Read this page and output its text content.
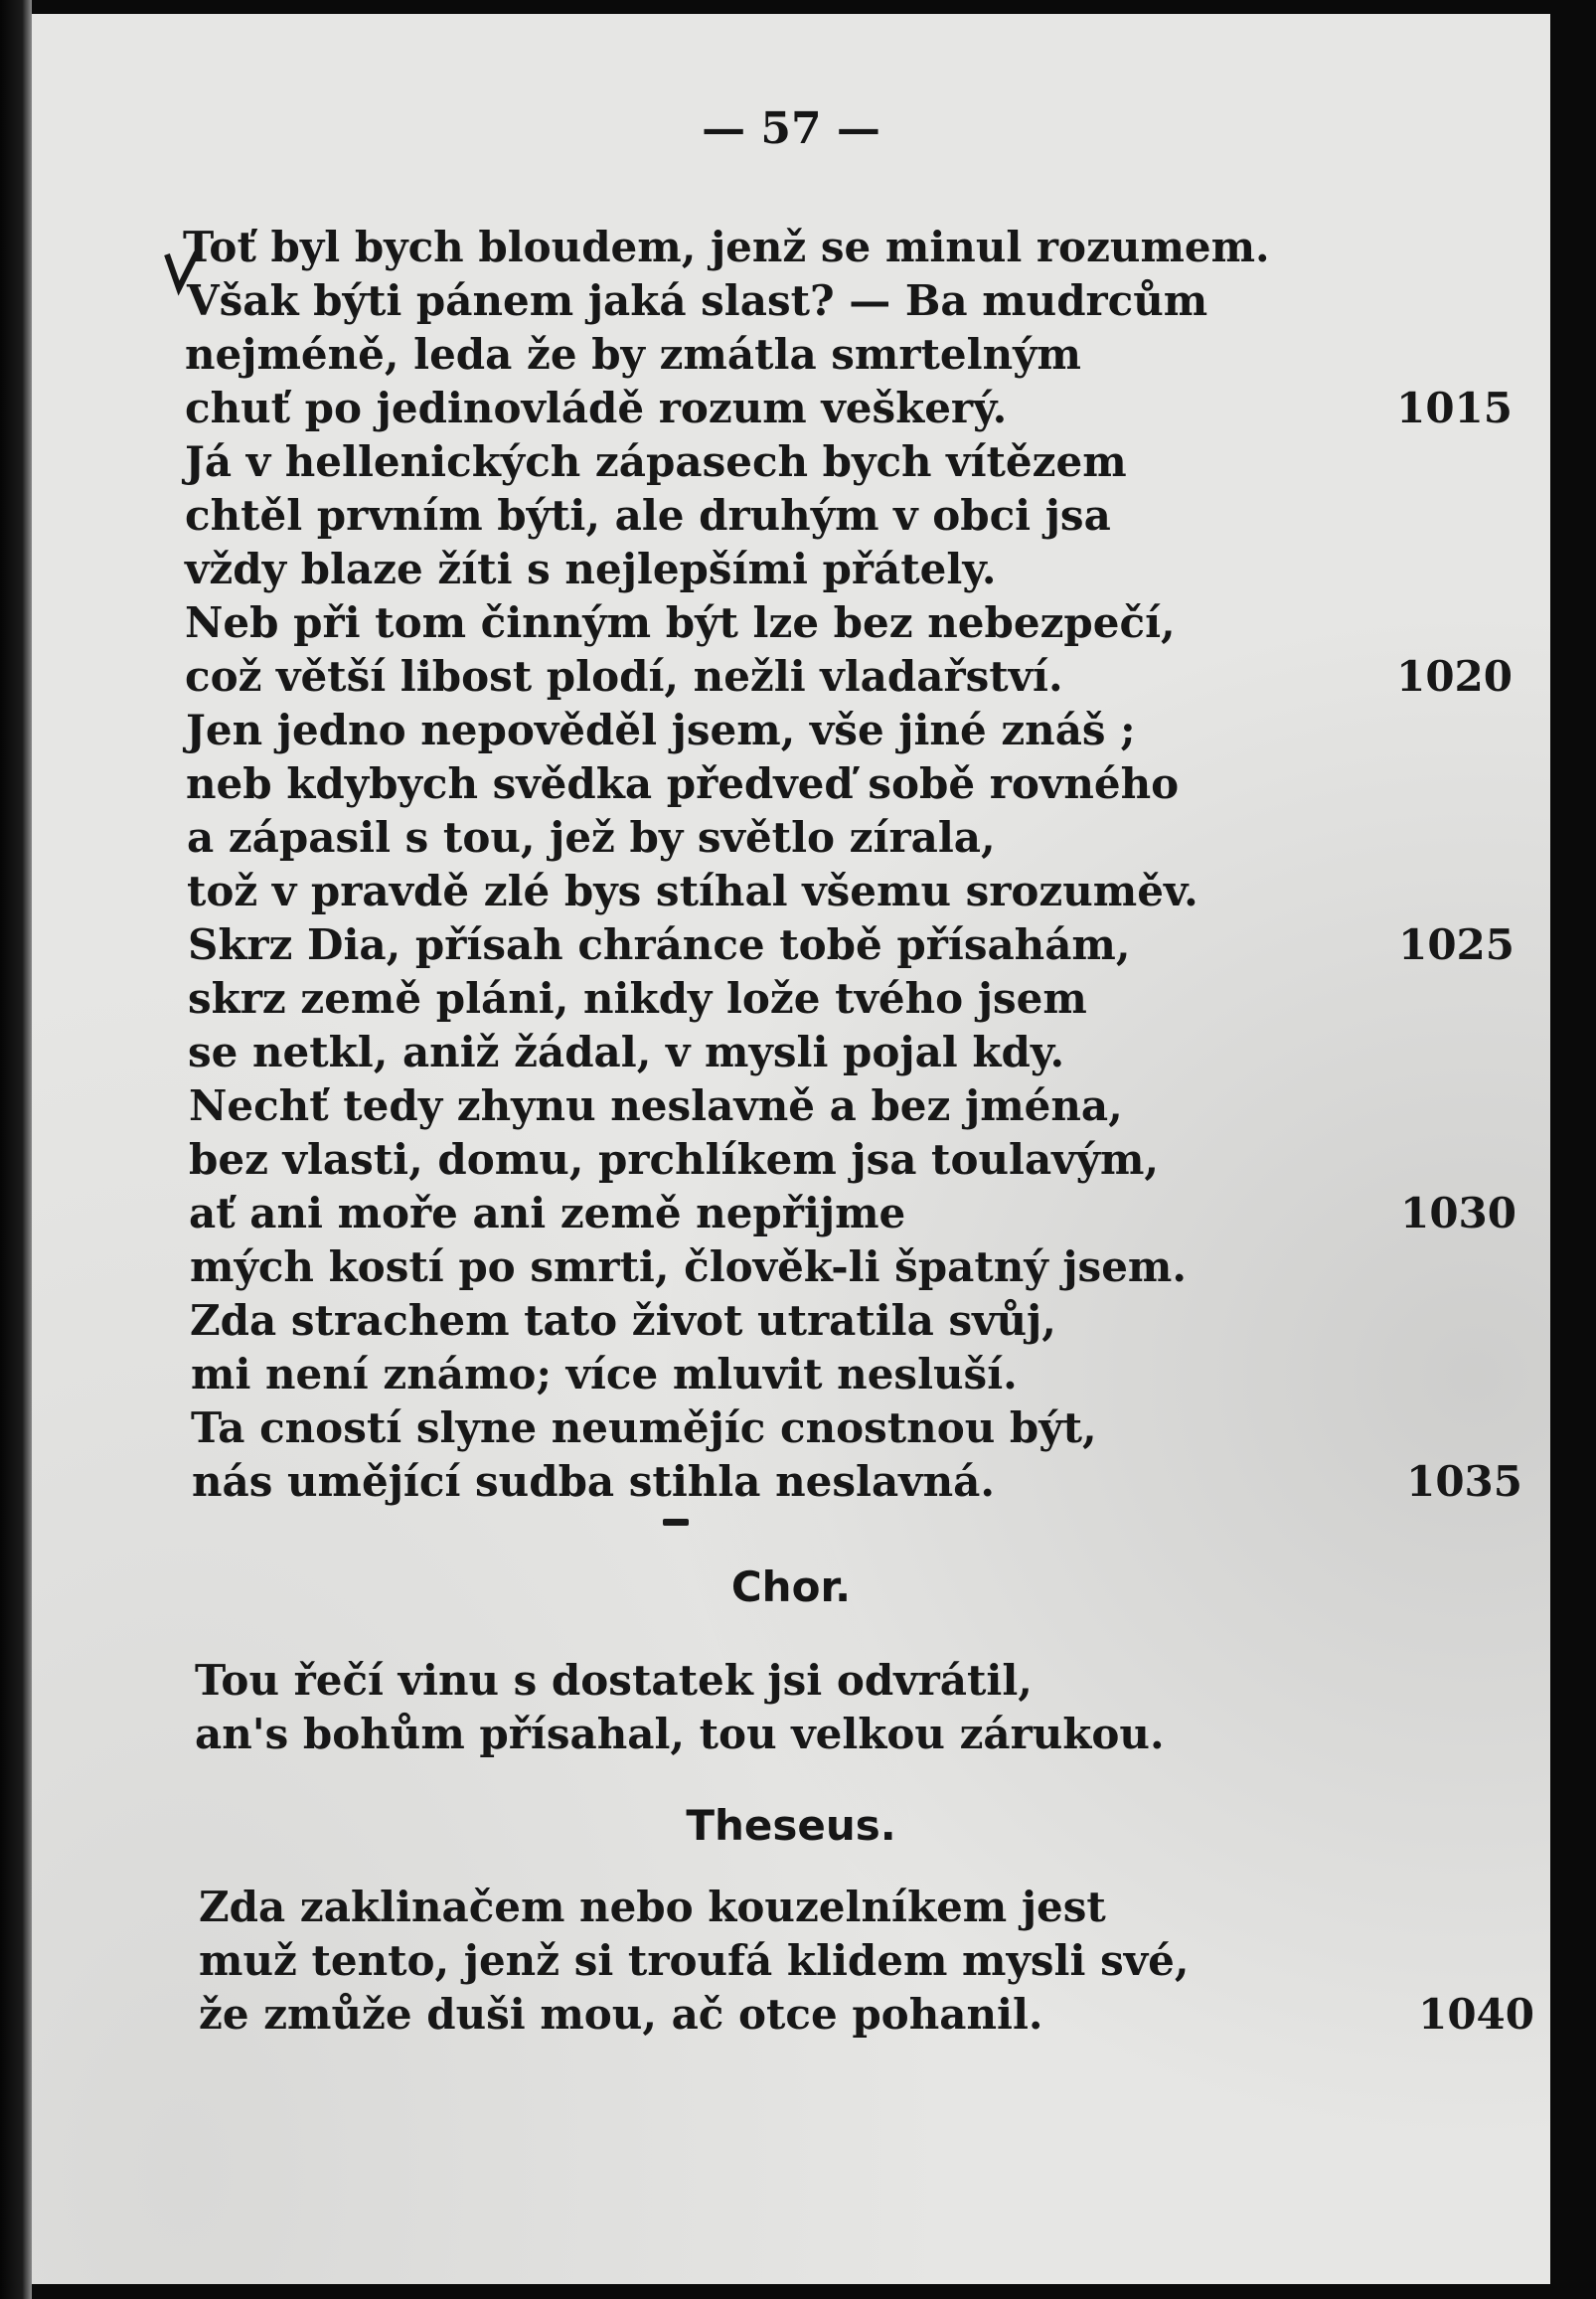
— 57 —
Toť byl bych bloudem, jenž se minul rozumem.
Však býti pánem jaká slast? — Ba mudrcům
nejméně, leda že by zmátla smrtelným
chuť po jedinovládě rozum veškerý.
Já v hellenických zápasech bych vítězem
chtěl prvním býti, ale druhým v obci jsa
vždy blaze žíti s nejlepšími přátely.
Neb při tom činným být lze bez nebezpečí,
což větší libost plodí, nežli vladařství.
Jen jedno nepověděl jsem, vše jiné znáš ;
neb kdybych svědka předveď sobě rovného
a zápasil s tou, jež by světlo zírala,
tož v pravdě zlé bys stíhal všemu srozuměv.
Skrz Dia, přísah chránce tobě přísahám,
skrz země pláni, nikdy lože tvého jsem
se netkl, aniž žádal, v mysli pojal kdy.
Nechť tedy zhynu neslavně a bez jména,
bez vlasti, domu, prchlíkem jsa toulavým,
ať ani moře ani země nepřijme
mých kostí po smrti, člověk-li špatný jsem.
Zda strachem tato život utratila svůj,
mi není známo; více mluvit nesluší.
Ta cností slyne neumějíc cnostnou být,
nás umějící sudba stihla neslavná.
1015
1020
1025
1030
1035
Chor.
Tou řečí vinu s dostatek jsi odvrátil,
an's bohům přísahal, tou velkou zárukou.
Theseus.
Zda zaklinačem nebo kouzelníkem jest
muž tento, jenž si troufá klidem mysli své,
že zmůže duši mou, ač otce pohanil.	1040
